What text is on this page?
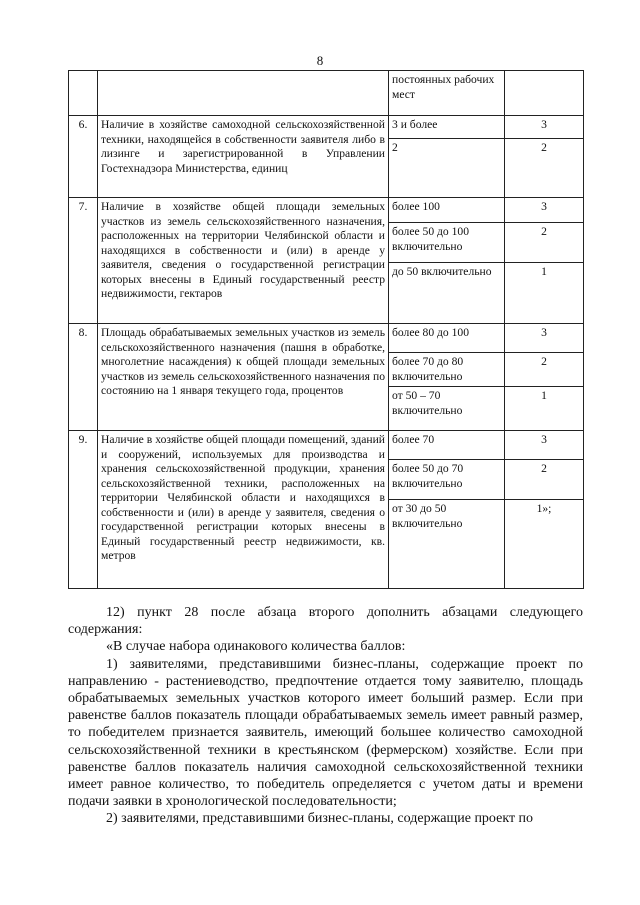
8
		постоянных рабочих мест	
6.	Наличие в хозяйстве самоходной сельскохозяйственной техники, находящейся в собственности заявителя либо в лизинге и зарегистрированной в Управлении Гостехнадзора Министерства, единиц	3 и более	3
		2	2
7.	Наличие в хозяйстве общей площади земельных участков из земель сельскохозяйственного назначения, расположенных на территории Челябинской области и находящихся в собственности и (или) в аренде у заявителя, сведения о государственной регистрации которых внесены в Единый государственный реестр недвижимости, гектаров	более 100	3
		более 50 до 100 включительно	2
		до 50 включительно	1
8.	Площадь обрабатываемых земельных участков из земель сельскохозяйственного назначения (пашня в обработке, многолетние насаждения) к общей площади земельных участков из земель сельскохозяйственного назначения по состоянию на 1 января текущего года, процентов	более 80 до 100	3
		более 70 до 80 включительно	2
		от 50 – 70 включительно	1
9.	Наличие в хозяйстве общей площади помещений, зданий и сооружений, используемых для производства и хранения сельскохозяйственной продукции, хранения сельскохозяйственной техники, расположенных на территории Челябинской области и находящихся в собственности и (или) в аренде у заявителя, сведения о государственной регистрации которых внесены в Единый государственный реестр недвижимости, кв. метров	более 70	3
		более 50 до 70 включительно	2
		от 30 до 50 включительно	1»;

12) пункт 28 после абзаца второго дополнить абзацами следующего содержания:

«В случае набора одинакового количества баллов:

1) заявителями, представившими бизнес-планы, содержащие проект по направлению - растениеводство, предпочтение отдается тому заявителю, площадь обрабатываемых земельных участков которого имеет больший размер. Если при равенстве баллов показатель площади обрабатываемых земель имеет равный размер, то победителем признается заявитель, имеющий большее количество самоходной сельскохозяйственной техники в крестьянском (фермерском) хозяйстве. Если при равенстве баллов показатель наличия самоходной сельскохозяйственной техники имеет равное количество, то победитель определяется с учетом даты и времени подачи заявки в хронологической последовательности;

2) заявителями, представившими бизнес-планы, содержащие проект по
